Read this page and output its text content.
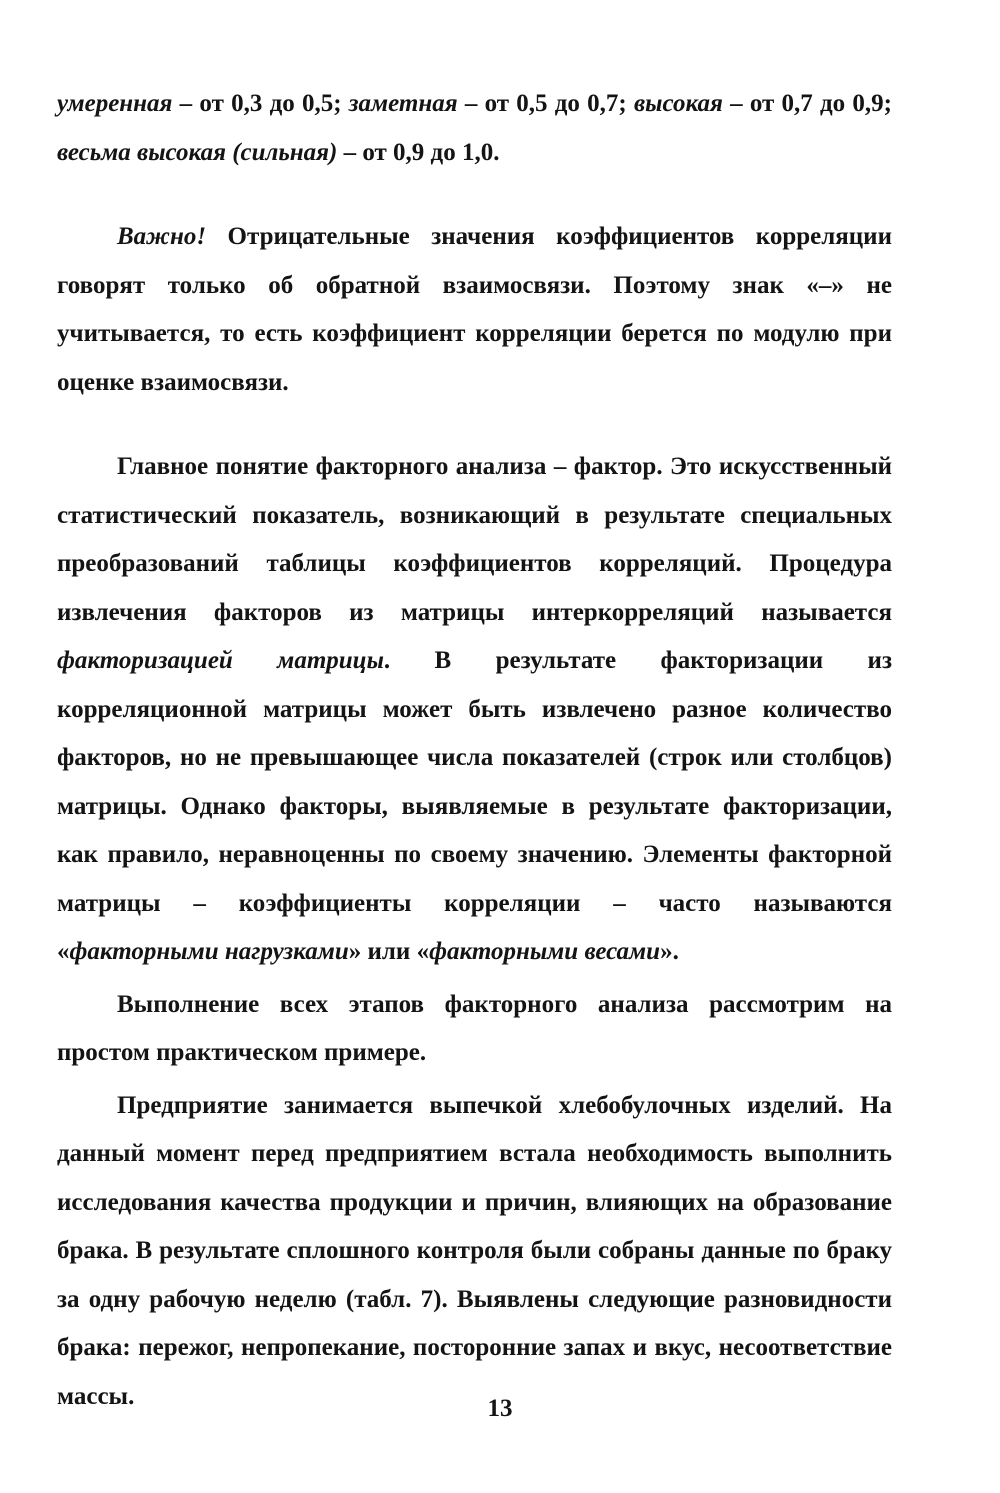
умеренная – от 0,3 до 0,5; заметная – от 0,5 до 0,7; высокая – от 0,7 до 0,9; весьма высокая (сильная) – от 0,9 до 1,0.

Важно! Отрицательные значения коэффициентов корреляции говорят только об обратной взаимосвязи. Поэтому знак «–» не учитывается, то есть коэффициент корреляции берется по модулю при оценке взаимосвязи.

Главное понятие факторного анализа – фактор. Это искусственный статистический показатель, возникающий в результате специальных преобразований таблицы коэффициентов корреляций. Процедура извлечения факторов из матрицы интеркорреляций называется факторизацией матрицы. В результате факторизации из корреляционной матрицы может быть извлечено разное количество факторов, но не превышающее числа показателей (строк или столбцов) матрицы. Однако факторы, выявляемые в результате факторизации, как правило, неравноценны по своему значению. Элементы факторной матрицы – коэффициенты корреляции – часто называются «факторными нагрузками» или «факторными весами».

Выполнение всех этапов факторного анализа рассмотрим на простом практическом примере.

Предприятие занимается выпечкой хлебобулочных изделий. На данный момент перед предприятием встала необходимость выполнить исследования качества продукции и причин, влияющих на образование брака. В результате сплошного контроля были собраны данные по браку за одну рабочую неделю (табл. 7). Выявлены следующие разновидности брака: пережог, непропекание, посторонние запах и вкус, несоответствие массы.	13
